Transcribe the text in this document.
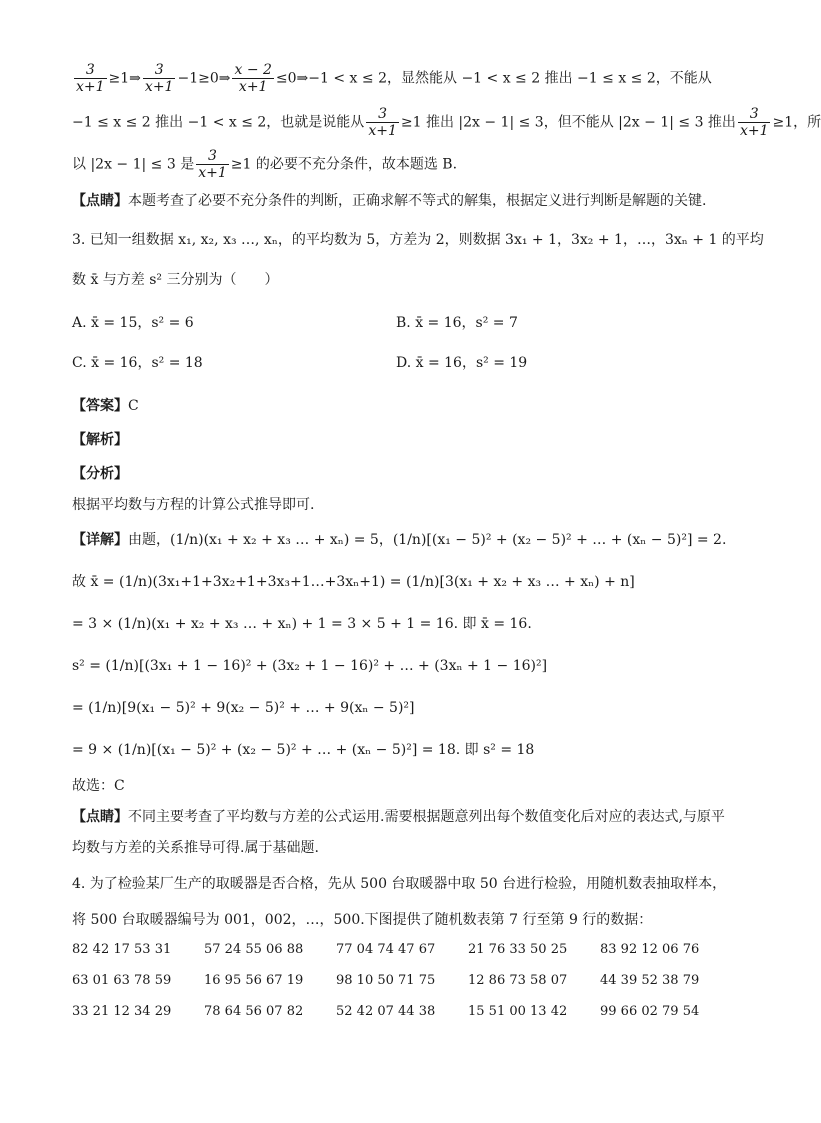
$\frac{3}{x+1}$ ≥1⇒ $\frac{3}{x+1}$ −1≥0⇒ $\frac{x - 2}{x+1}$ ≤0⇒−1 < x ≤ 2，显然能从 −1 < x ≤ 2 推出 −1 ≤ x ≤ 2，不能从
−1 ≤ x ≤ 2 推出 −1 < x ≤ 2，也就是说能从 $\frac{3}{x+1} \ge 1$ 推出 |2x − 1| ≤ 3，但不能从 |2x − 1| ≤ 3 推出 $\frac{3}{x+1} \ge 1$，所
以 |2x − 1| ≤ 3 是 $\frac{3}{x+1} \ge 1$ 的必要不充分条件，故本题选 B.
【点睛】本题考查了必要不充分条件的判断，正确求解不等式的解集，根据定义进行判断是解题的关键.
3. 已知一组数据 x₁, x₂, x₃ …, xₙ，的平均数为 5，方差为 2，则数据 3x₁ + 1，3x₂ + 1，…，3xₙ + 1 的平均
数 x̄ 与方差 s² 三分别为（　　）
A. x̄ = 15，s² = 6	B. x̄ = 16，s² = 7
C. x̄ = 16，s² = 18	D. x̄ = 16，s² = 19
【答案】C
【解析】
【分析】
根据平均数与方程的计算公式推导即可.
【详解】由题，(1/n)(x₁ + x₂ + x₃ … + xₙ) = 5，(1/n)[(x₁ − 5)² + (x₂ − 5)² + … + (xₙ − 5)²] = 2.
故 x̄ = (1/n)(3x₁+1+3x₂+1+3x₃+1…+3xₙ+1) = (1/n)[3(x₁ + x₂ + x₃ … + xₙ) + n]
= 3 × (1/n)(x₁ + x₂ + x₃ … + xₙ) + 1 = 3 × 5 + 1 = 16. 即 x̄ = 16.
s² = (1/n)[(3x₁ + 1 − 16)² + (3x₂ + 1 − 16)² + … + (3xₙ + 1 − 16)²]
= (1/n)[9(x₁ − 5)² + 9(x₂ − 5)² + … + 9(xₙ − 5)²]
= 9 × (1/n)[(x₁ − 5)² + (x₂ − 5)² + … + (xₙ − 5)²] = 18. 即 s² = 18
故选：C
【点睛】不同主要考查了平均数与方差的公式运用.需要根据题意列出每个数值变化后对应的表达式,与原平
均数与方差的关系推导可得.属于基础题.
4. 为了检验某厂生产的取暖器是否合格，先从 500 台取暖器中取 50 台进行检验，用随机数表抽取样本，
将 500 台取暖器编号为 001，002，…，500.下图提供了随机数表第 7 行至第 9 行的数据：
82 42 17 53 31	57 24 55 06 88	77 04 74 47 67	21 76 33 50 25	83 92 12 06 76
63 01 63 78 59	16 95 56 67 19	98 10 50 71 75	12 86 73 58 07	44 39 52 38 79
33 21 12 34 29	78 64 56 07 82	52 42 07 44 38	15 51 00 13 42	99 66 02 79 54
